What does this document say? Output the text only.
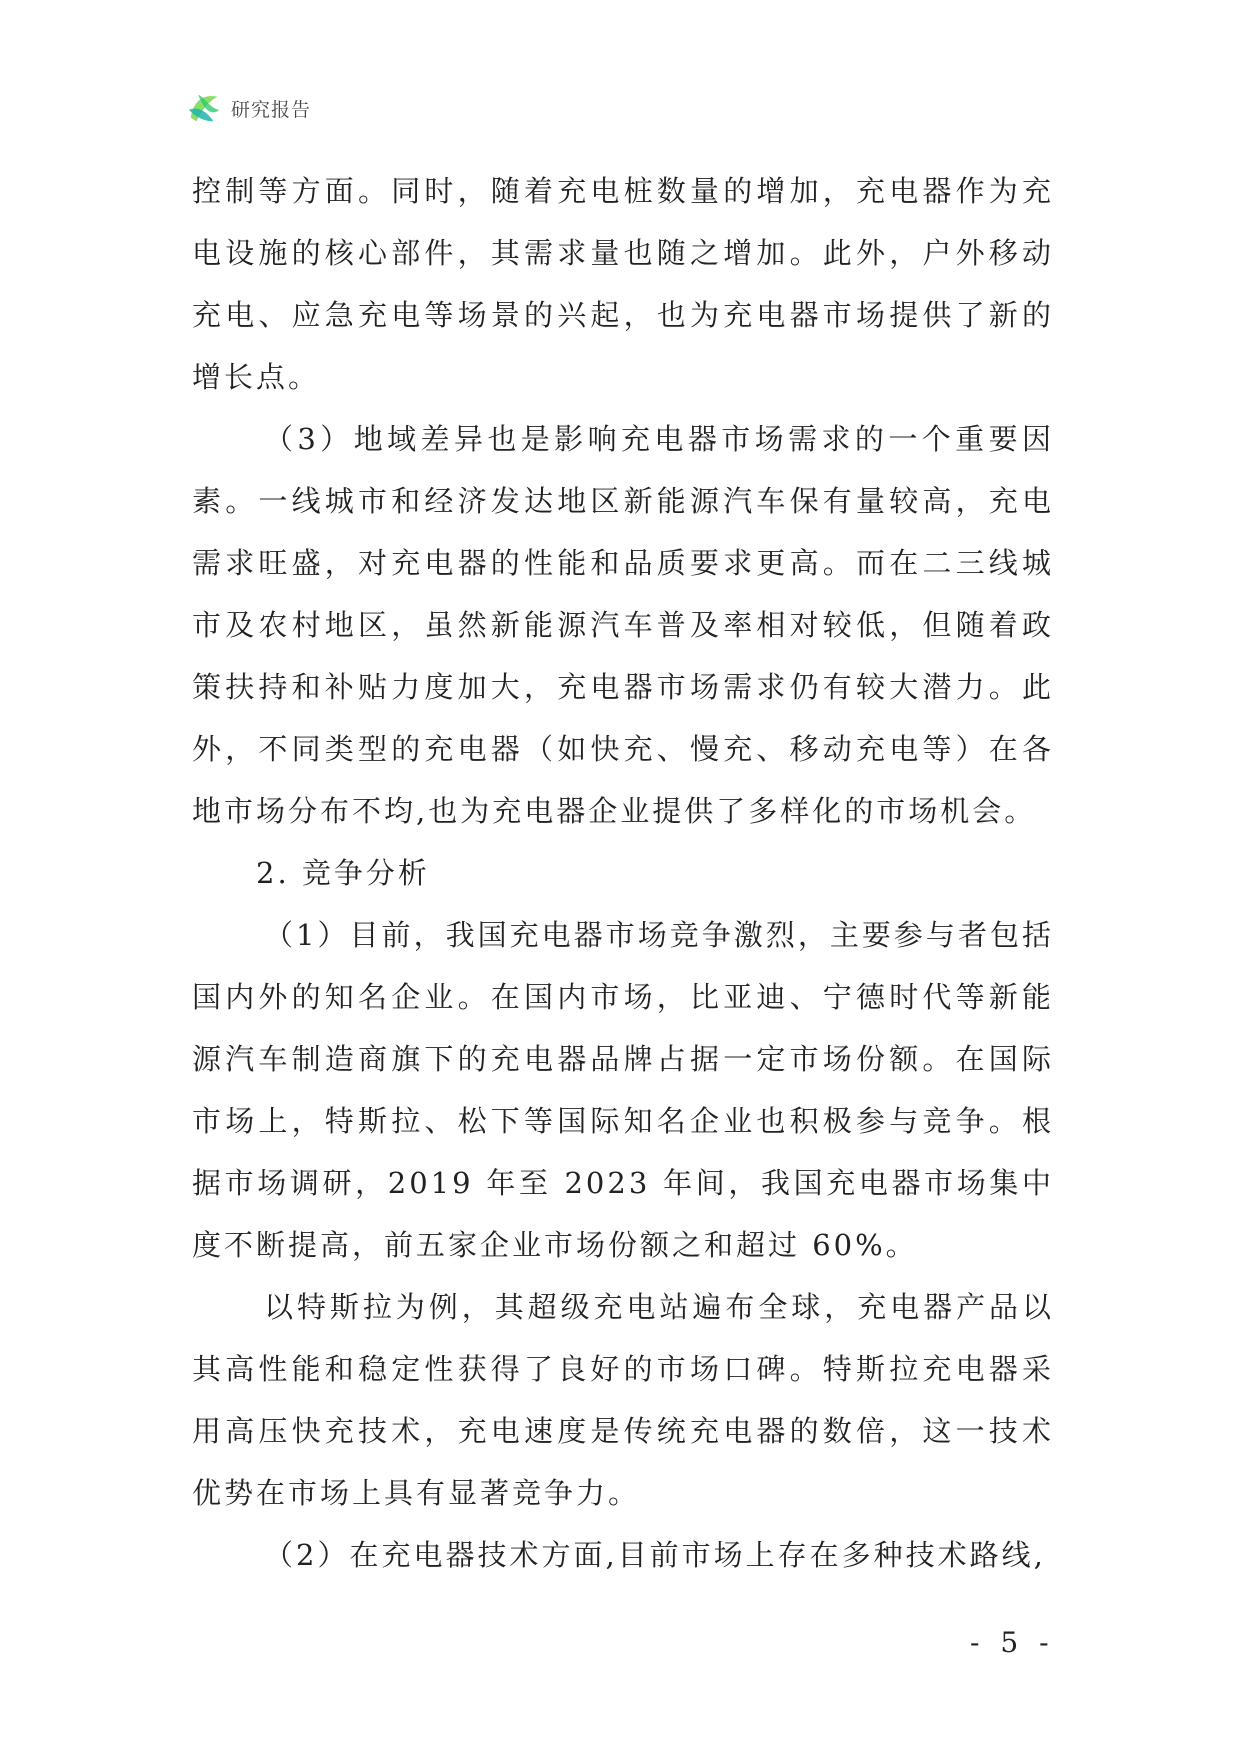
研究报告

控制等方面。同时，随着充电桩数量的增加，充电器作为充电设施的核心部件，其需求量也随之增加。此外，户外移动充电、应急充电等场景的兴起，也为充电器市场提供了新的增长点。

（3）地域差异也是影响充电器市场需求的一个重要因素。一线城市和经济发达地区新能源汽车保有量较高，充电需求旺盛，对充电器的性能和品质要求更高。而在二三线城市及农村地区，虽然新能源汽车普及率相对较低，但随着政策扶持和补贴力度加大，充电器市场需求仍有较大潜力。此外，不同类型的充电器（如快充、慢充、移动充电等）在各地市场分布不均,也为充电器企业提供了多样化的市场机会。

2. 竞争分析

（1）目前，我国充电器市场竞争激烈，主要参与者包括国内外的知名企业。在国内市场，比亚迪、宁德时代等新能源汽车制造商旗下的充电器品牌占据一定市场份额。在国际市场上，特斯拉、松下等国际知名企业也积极参与竞争。根据市场调研，2019 年至 2023 年间，我国充电器市场集中度不断提高，前五家企业市场份额之和超过 60%。

以特斯拉为例，其超级充电站遍布全球，充电器产品以其高性能和稳定性获得了良好的市场口碑。特斯拉充电器采用高压快充技术，充电速度是传统充电器的数倍，这一技术优势在市场上具有显著竞争力。

（2）在充电器技术方面,目前市场上存在多种技术路线,

- 5 -
